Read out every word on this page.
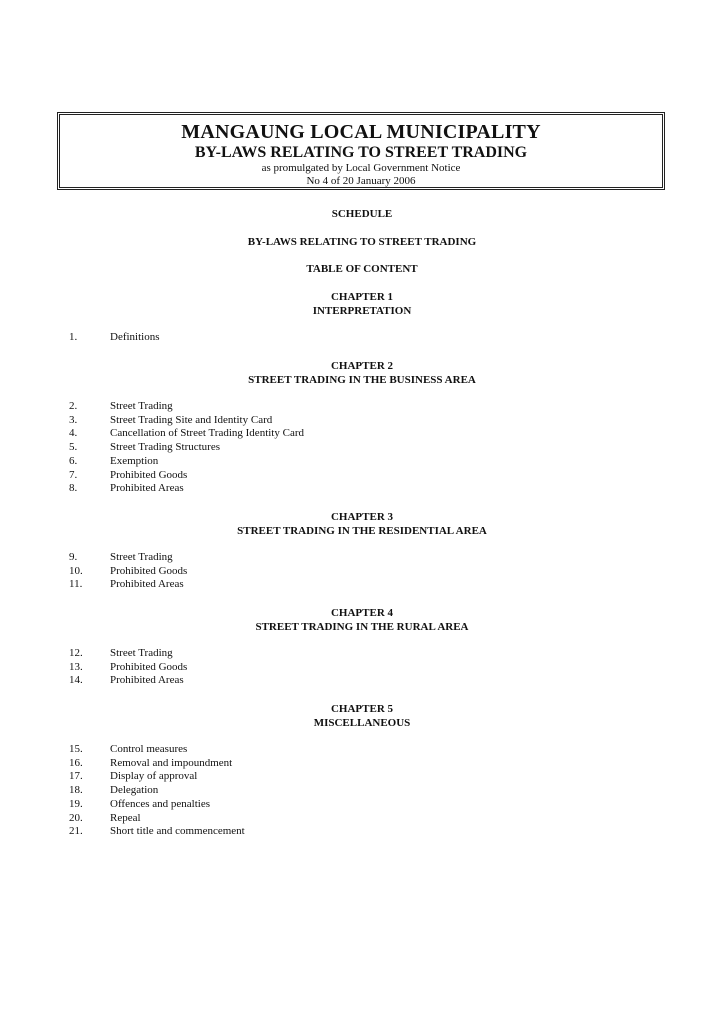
MANGAUNG LOCAL MUNICIPALITY
BY-LAWS RELATING TO STREET TRADING
as promulgated by Local Government Notice
No 4 of 20 January 2006
SCHEDULE
BY-LAWS RELATING TO STREET TRADING
TABLE OF CONTENT
CHAPTER 1
INTERPRETATION
1.	Definitions
CHAPTER 2
STREET TRADING IN THE BUSINESS AREA
2.	Street Trading
3.	Street Trading Site and Identity Card
4.	Cancellation of Street Trading Identity Card
5.	Street Trading Structures
6.	Exemption
7.	Prohibited Goods
8.	Prohibited Areas
CHAPTER 3
STREET TRADING IN THE RESIDENTIAL AREA
9.	Street Trading
10.	Prohibited Goods
11.	Prohibited Areas
CHAPTER 4
STREET TRADING IN THE RURAL AREA
12.	Street Trading
13.	Prohibited Goods
14.	Prohibited Areas
CHAPTER 5
MISCELLANEOUS
15.	Control measures
16.	Removal and impoundment
17.	Display of approval
18.	Delegation
19.	Offences and penalties
20.	Repeal
21.	Short title and commencement
